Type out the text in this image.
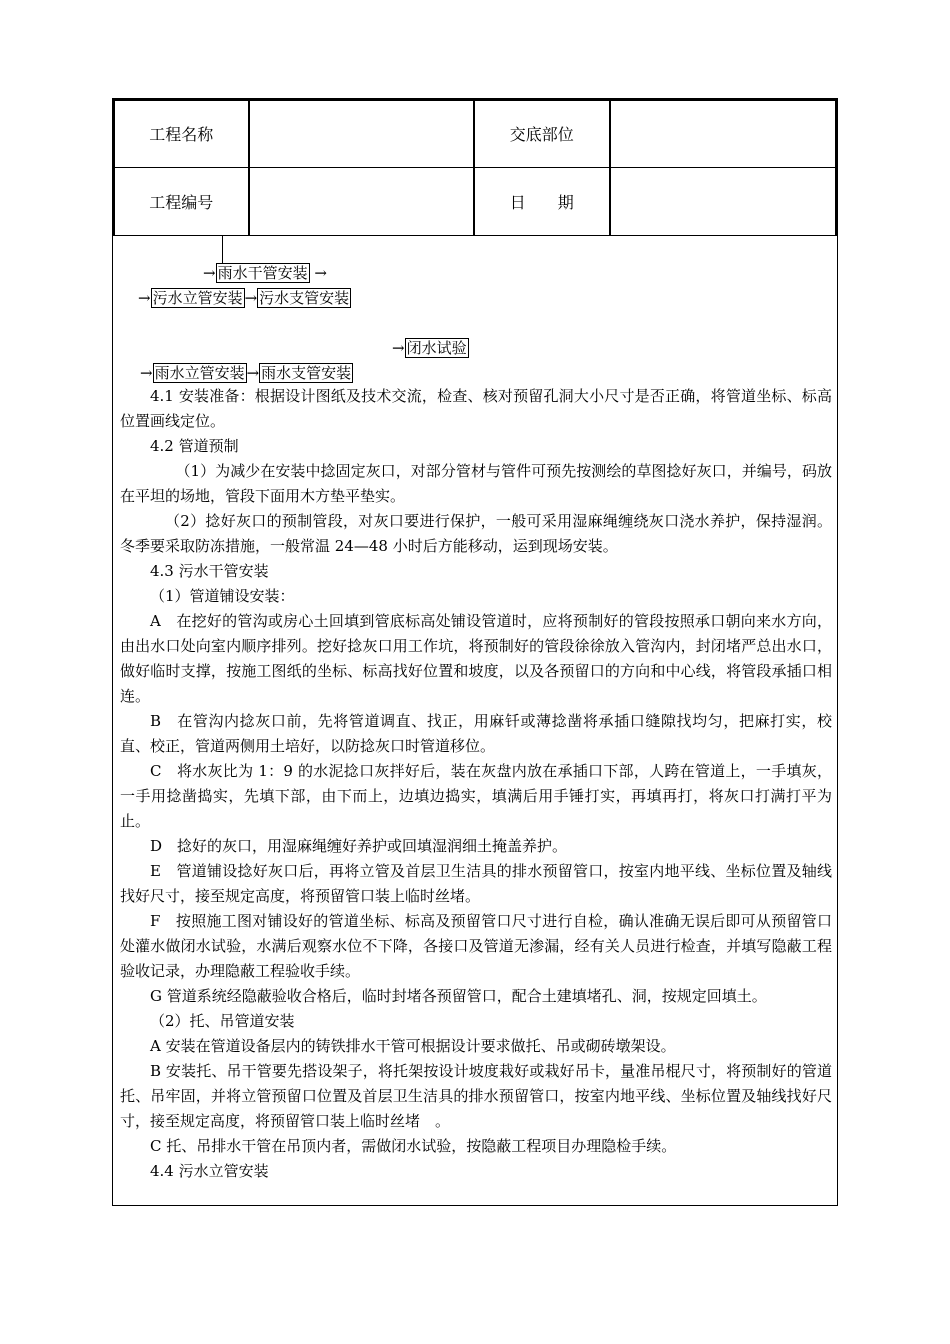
工程名称	交底部位
工程编号	日　　期
→ 雨水干管安装 →
→ 污水立管安装 → 污水支管安装
→ 闭水试验
→ 雨水立管安装 → 雨水支管安装

4.1 安装准备：根据设计图纸及技术交流，检查、核对预留孔洞大小尺寸是否正确，将管道坐标、标高位置画线定位。

4.2 管道预制

（1）为减少在安装中捻固定灰口，对部分管材与管件可预先按测绘的草图捻好灰口，并编号，码放在平坦的场地，管段下面用木方垫平垫实。

（2）捻好灰口的预制管段，对灰口要进行保护，一般可采用湿麻绳缠绕灰口浇水养护，保持湿润。冬季要采取防冻措施，一般常温 24—48 小时后方能移动，运到现场安装。

4.3 污水干管安装

（1）管道铺设安装：

A　在挖好的管沟或房心土回填到管底标高处铺设管道时，应将预制好的管段按照承口朝向来水方向，由出水口处向室内顺序排列。挖好捻灰口用工作坑，将预制好的管段徐徐放入管沟内，封闭堵严总出水口，做好临时支撑，按施工图纸的坐标、标高找好位置和坡度，以及各预留口的方向和中心线，将管段承插口相连。

B　在管沟内捻灰口前，先将管道调直、找正，用麻钎或薄捻凿将承插口缝隙找均匀，把麻打实，校直、校正，管道两侧用土培好，以防捻灰口时管道移位。

C　将水灰比为 1：9 的水泥捻口灰拌好后，装在灰盘内放在承插口下部，人跨在管道上，一手填灰，一手用捻凿捣实，先填下部，由下而上，边填边捣实，填满后用手锤打实，再填再打，将灰口打满打平为止。

D　捻好的灰口，用湿麻绳缠好养护或回填湿润细土掩盖养护。

E　管道铺设捻好灰口后，再将立管及首层卫生洁具的排水预留管口，按室内地平线、坐标位置及轴线找好尺寸，接至规定高度，将预留管口装上临时丝堵。

F　按照施工图对铺设好的管道坐标、标高及预留管口尺寸进行自检，确认准确无误后即可从预留管口处灌水做闭水试验，水满后观察水位不下降，各接口及管道无渗漏，经有关人员进行检查，并填写隐蔽工程验收记录，办理隐蔽工程验收手续。

G 管道系统经隐蔽验收合格后，临时封堵各预留管口，配合土建填堵孔、洞，按规定回填土。

（2）托、吊管道安装

A 安装在管道设备层内的铸铁排水干管可根据设计要求做托、吊或砌砖墩架设。

B 安装托、吊干管要先搭设架子，将托架按设计坡度栽好或栽好吊卡，量准吊棍尺寸，将预制好的管道托、吊牢固，并将立管预留口位置及首层卫生洁具的排水预留管口，按室内地平线、坐标位置及轴线找好尺寸，接至规定高度，将预留管口装上临时丝堵　。

C 托、吊排水干管在吊顶内者，需做闭水试验，按隐蔽工程项目办理隐检手续。

4.4 污水立管安装
